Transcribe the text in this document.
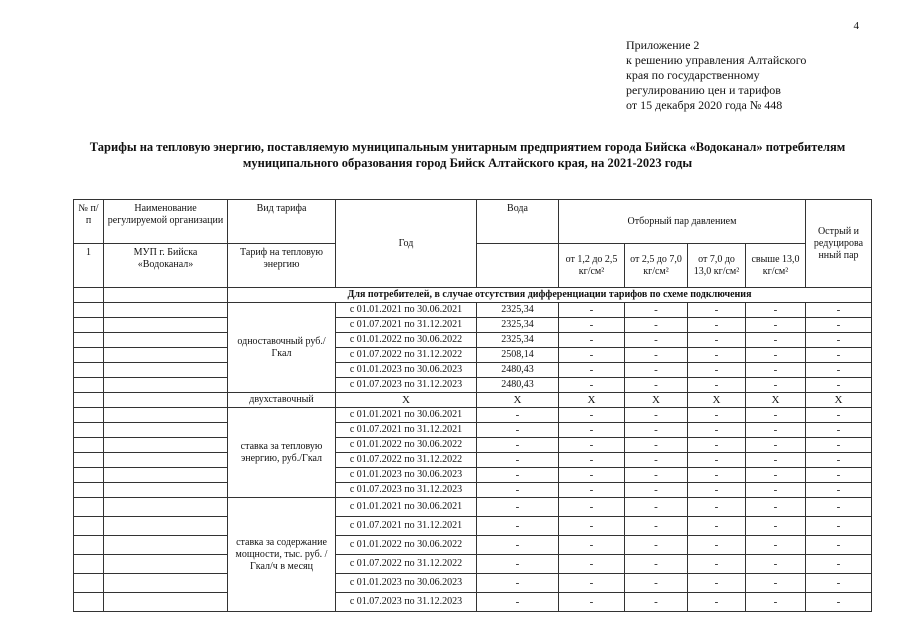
4
Приложение 2
к решению управления Алтайского
края по государственному
регулированию цен и тарифов
от 15 декабря 2020 года № 448
Тарифы на тепловую энергию, поставляемую муниципальным унитарным предприятием города Бийска «Водоканал» потребителям
муниципального образования город Бийск Алтайского края, на 2021-2023 годы
№ п/п	Наименование регулируемой организации	Вид тарифа	Год	Вода	Отборный пар давлением				Острый и редуцирова нный пар
1	МУП г. Бийска «Водоканал»	Тариф на тепловую энергию			от 1,2 до 2,5 кг/см²	от 2,5 до 7,0 кг/см²	от 7,0 до 13,0 кг/см²	свыше 13,0 кг/см²	
		Для потребителей, в случае отсутствия дифференциации тарифов по схеме подключения							
		одноставочный руб./Гкал	с 01.01.2021 по 30.06.2021	2325,34	-	-	-	-	-
			с 01.07.2021 по 31.12.2021	2325,34	-	-	-	-	-
			с 01.01.2022 по 30.06.2022	2325,34	-	-	-	-	-
			с 01.07.2022 по 31.12.2022	2508,14	-	-	-	-	-
			с 01.01.2023 по 30.06.2023	2480,43	-	-	-	-	-
			с 01.07.2023 по 31.12.2023	2480,43	-	-	-	-	-
		двухставочный	X	X	X	X	X	X	X
		ставка за тепловую энергию, руб./Гкал	с 01.01.2021 по 30.06.2021	-	-	-	-	-	-
			с 01.07.2021 по 31.12.2021	-	-	-	-	-	-
			с 01.01.2022 по 30.06.2022	-	-	-	-	-	-
			с 01.07.2022 по 31.12.2022	-	-	-	-	-	-
			с 01.01.2023 по 30.06.2023	-	-	-	-	-	-
			с 01.07.2023 по 31.12.2023	-	-	-	-	-	-
		ставка за содержание мощности, тыс. руб. /Гкал/ч в месяц	с 01.01.2021 по 30.06.2021	-	-	-	-	-	-
			с 01.07.2021 по 31.12.2021	-	-	-	-	-	-
			с 01.01.2022 по 30.06.2022	-	-	-	-	-	-
			с 01.07.2022 по 31.12.2022	-	-	-	-	-	-
			с 01.01.2023 по 30.06.2023	-	-	-	-	-	-
			с 01.07.2023 по 31.12.2023	-	-	-	-	-	-
